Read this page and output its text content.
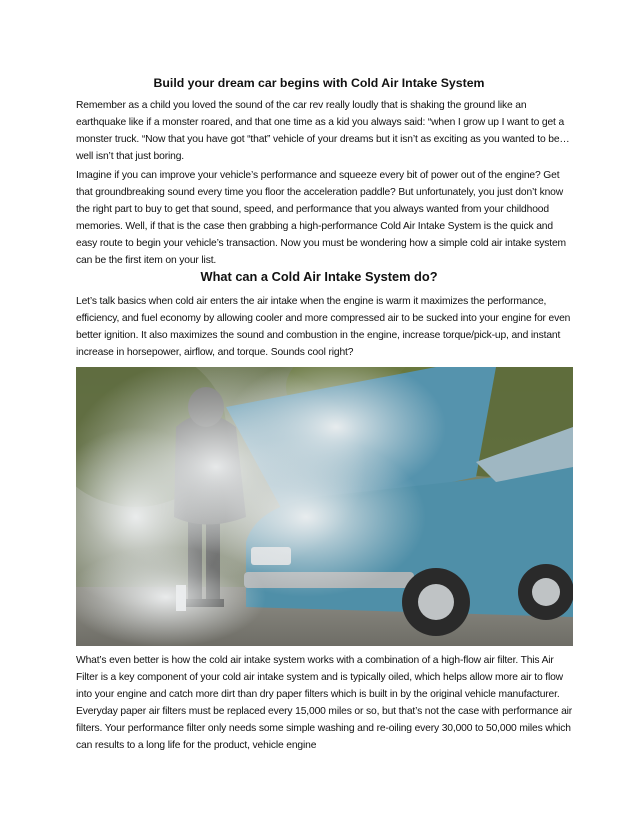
Build your dream car begins with Cold Air Intake System

Remember as a child you loved the sound of the car rev really loudly that is shaking the ground like an earthquake like if a monster roared, and that one time as a kid you always said: “when I grow up I want to get a monster truck. “Now that you have got “that” vehicle of your dreams but it isn’t as exciting as you wanted to be… well isn’t that just boring.

Imagine if you can improve your vehicle’s performance and squeeze every bit of power out of the engine? Get that groundbreaking sound every time you floor the acceleration paddle? But unfortunately, you just don’t know the right part to buy to get that sound, speed, and performance that you always wanted from your childhood memories. Well, if that is the case then grabbing a high-performance Cold Air Intake System is the quick and easy route to begin your vehicle’s transaction. Now you must be wondering how a simple cold air intake system can be the first item on your list.

What can a Cold Air Intake System do?

Let’s talk basics when cold air enters the air intake when the engine is warm it maximizes the performance, efficiency, and fuel economy by allowing cooler and more compressed air to be sucked into your engine for even better ignition. It also maximizes the sound and combustion in the engine, increase torque/pick-up, and instant increase in horsepower, airflow, and torque. Sounds cool right?

What’s even better is how the cold air intake system works with a combination of a high-flow air filter. This Air Filter is a key component of your cold air intake system and is typically oiled, which helps allow more air to flow into your engine and catch more dirt than dry paper filters which is built in by the original vehicle manufacturer. Everyday paper air filters must be replaced every 15,000 miles or so, but that’s not the case with performance air filters. Your performance filter only needs some simple washing and re-oiling every 30,000 to 50,000 miles which can results to a long life for the product, vehicle engine
